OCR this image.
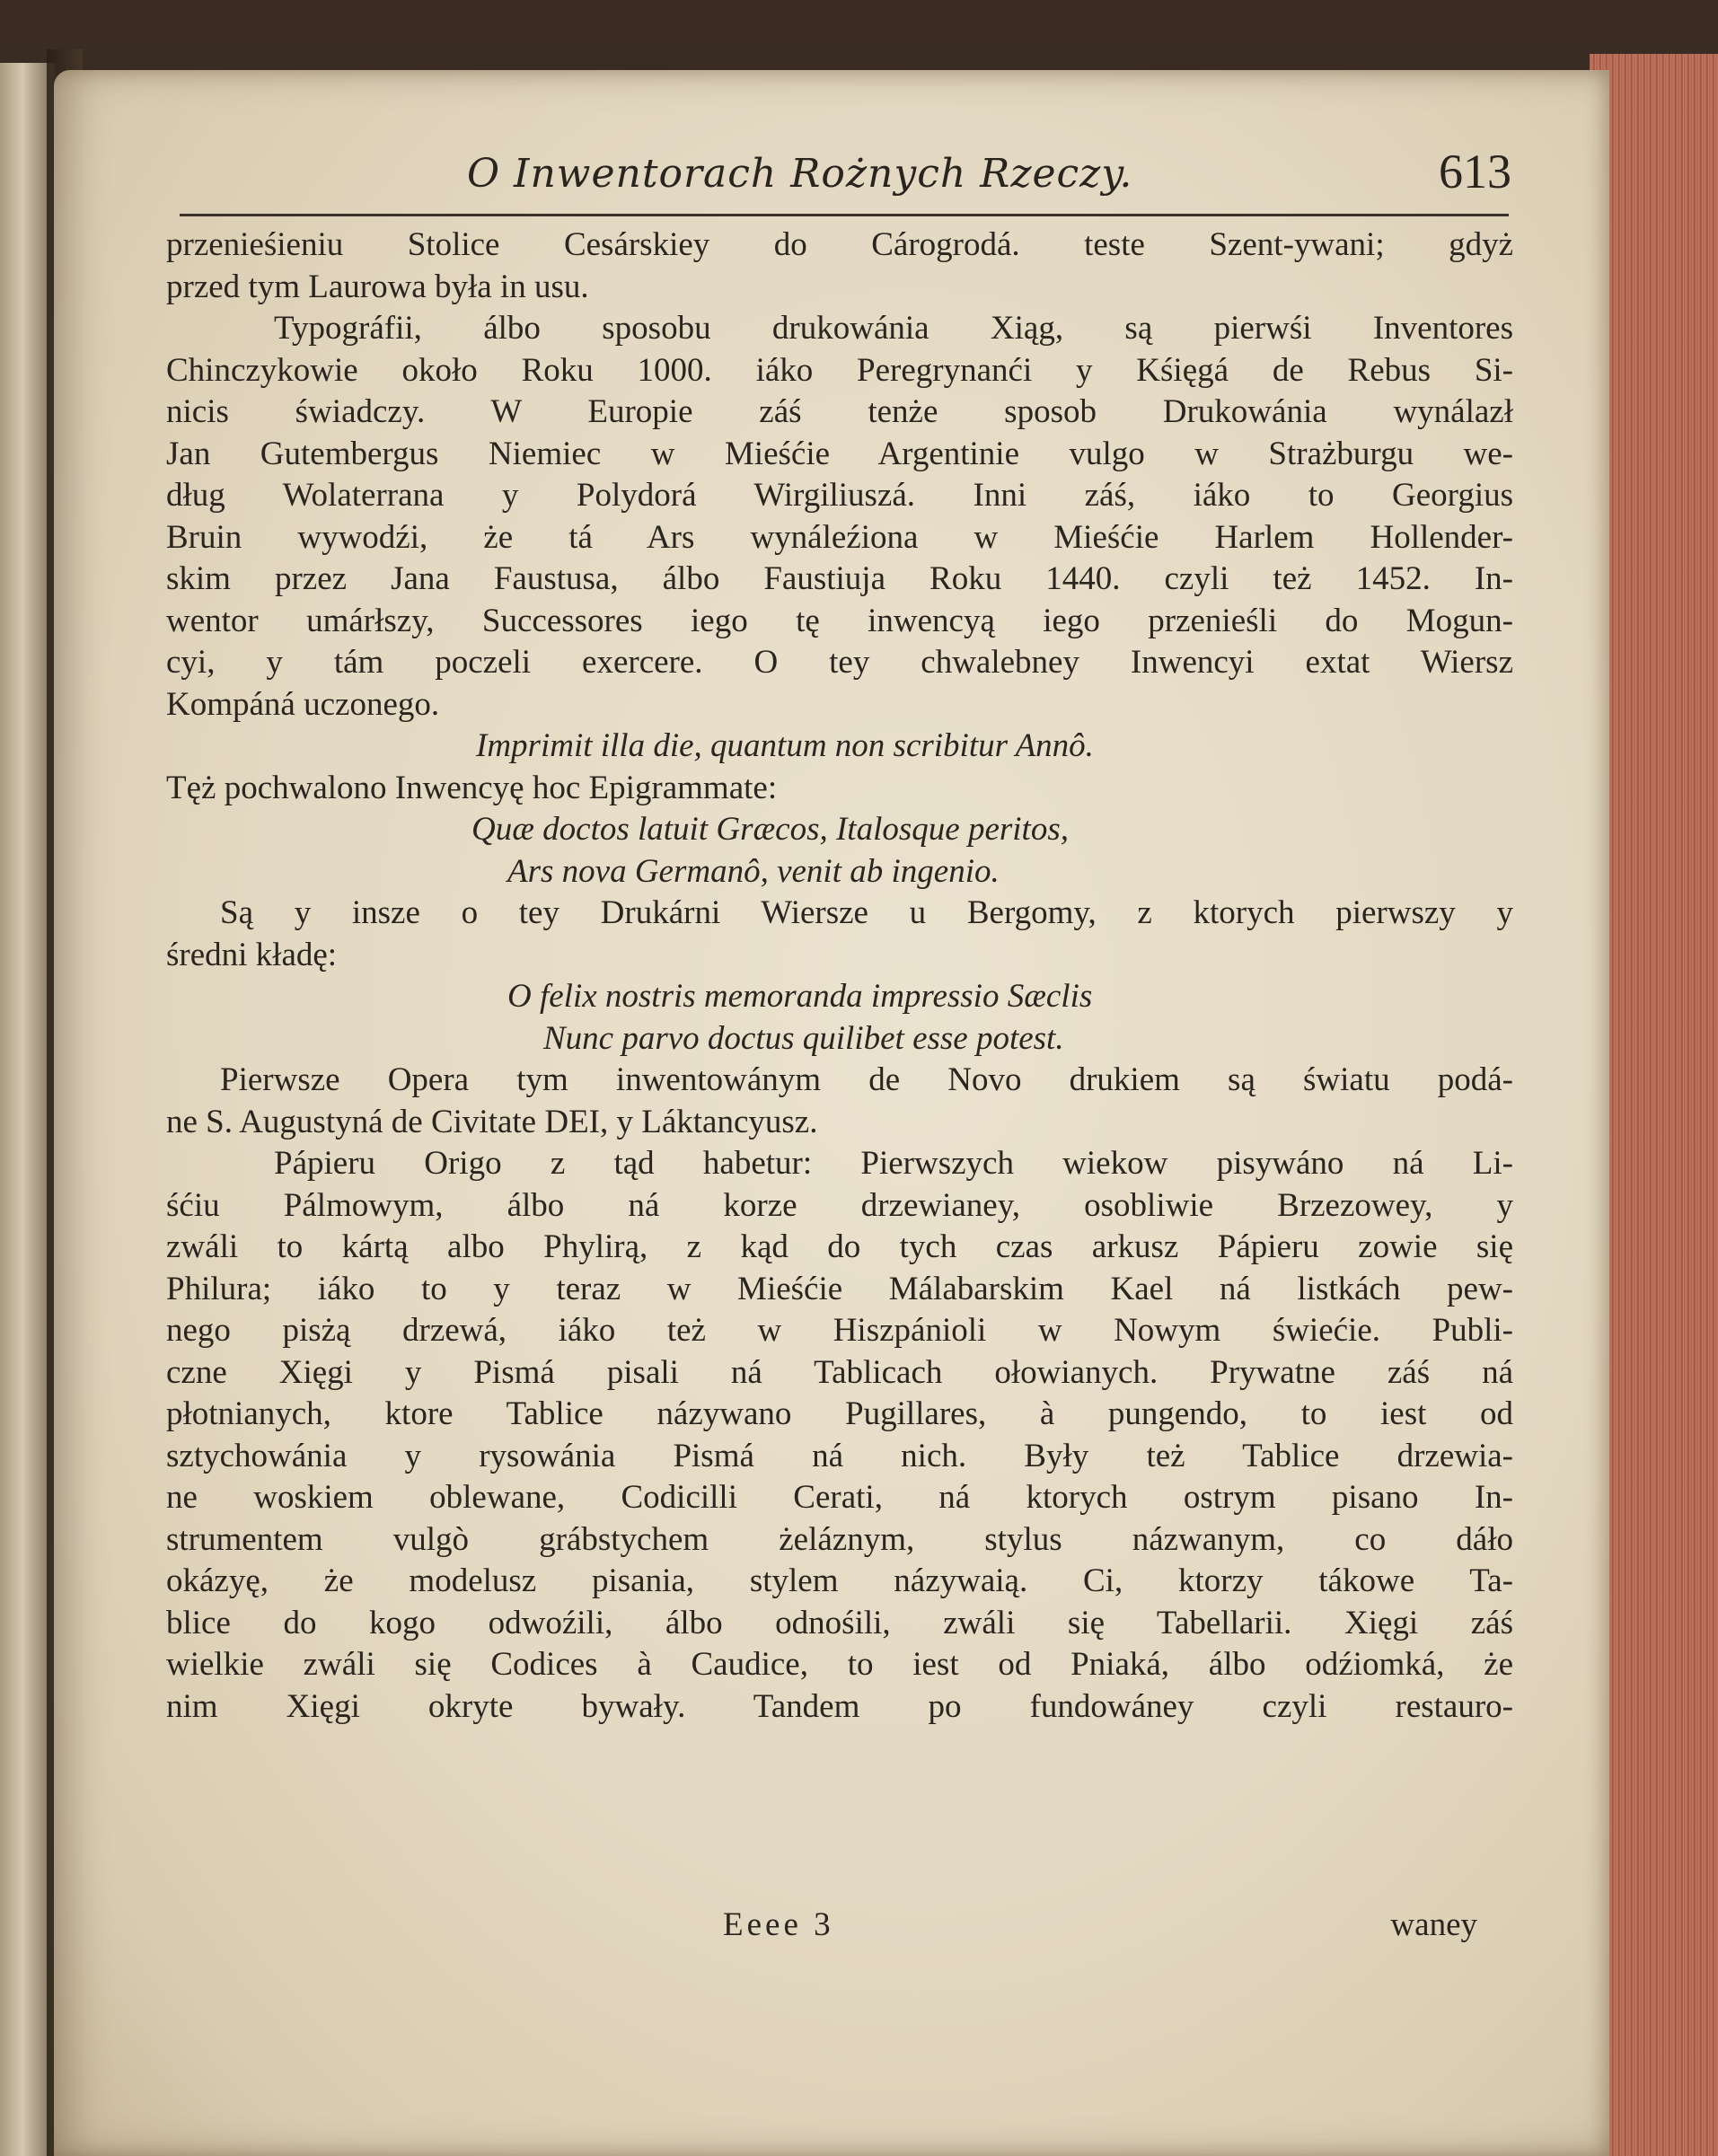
O Inwentorach Rożnych Rzeczy.	613
przenieśieniu Stolice Cesárskiey do Cárogrodá. teste Szent-ywani; gdyż
przed tym Laurowa była in usu.
Typográfii, álbo sposobu drukowánia Xiąg, są pierwśi Inventores
Chinczykowie około Roku 1000. iáko Peregrynanći y Kśięgá de Rebus Si-
nicis świadczy. W Europie záś tenże sposob Drukowánia wynálazł
Jan Gutembergus Niemiec w Mieśćie Argentinie vulgo w Strażburgu we-
dług Wolaterrana y Polydorá Wirgiliuszá. Inni záś, iáko to Georgius
Bruin wywodźi, że tá Ars wynáleźiona w Mieśćie Harlem Hollender-
skim przez Jana Faustusa, álbo Faustiuja Roku 1440. czyli też 1452. In-
wentor umárłszy, Successores iego tę inwencyą iego przenieśli do Mogun-
cyi, y tám poczeli exercere. O tey chwalebney Inwencyi extat Wiersz
Kompáná uczonego.
Imprimit illa die, quantum non scribitur Annô.
Tęż pochwalono Inwencyę hoc Epigrammate:
Quæ doctos latuit Græcos, Italosque peritos,
Ars nova Germanô, venit ab ingenio.
Są y insze o tey Drukárni Wiersze u Bergomy, z ktorych pierwszy y
średni kładę:
O felix nostris memoranda impressio Sæclis
Nunc parvo doctus quilibet esse potest.
Pierwsze Opera tym inwentowánym de Novo drukiem są światu podá-
ne S. Augustyná de Civitate DEI, y Láktancyusz.
Pápieru Origo z tąd habetur: Pierwszych wiekow pisywáno ná Li-
śćiu Pálmowym, álbo ná korze drzewianey, osobliwie Brzezowey, y
zwáli to kártą albo Phylirą, z kąd do tych czas arkusz Pápieru zowie się
Philura; iáko to y teraz w Mieśćie Málabarskim Kael ná listkách pew-
nego pisżą drzewá, iáko też w Hiszpánioli w Nowym świećie. Publi-
czne Xięgi y Pismá pisali ná Tablicach ołowianych. Prywatne záś ná
płotnianych, ktore Tablice názywano Pugillares, à pungendo, to iest od
sztychowánia y rysowánia Pismá ná nich. Były też Tablice drzewia-
ne woskiem oblewane, Codicilli Cerati, ná ktorych ostrym pisano In-
strumentem vulgò grábstychem żeláznym, stylus názwanym, co dáło
okázyę, że modelusz pisania, stylem názywaią. Ci, ktorzy tákowe Ta-
blice do kogo odwoźili, álbo odnośili, zwáli się Tabellarii. Xięgi záś
wielkie zwáli się Codices à Caudice, to iest od Pniaká, álbo odźiomká, że
nim Xięgi okryte bywały. Tandem po fundowáney czyli restauro-
Eeee 3	waney
